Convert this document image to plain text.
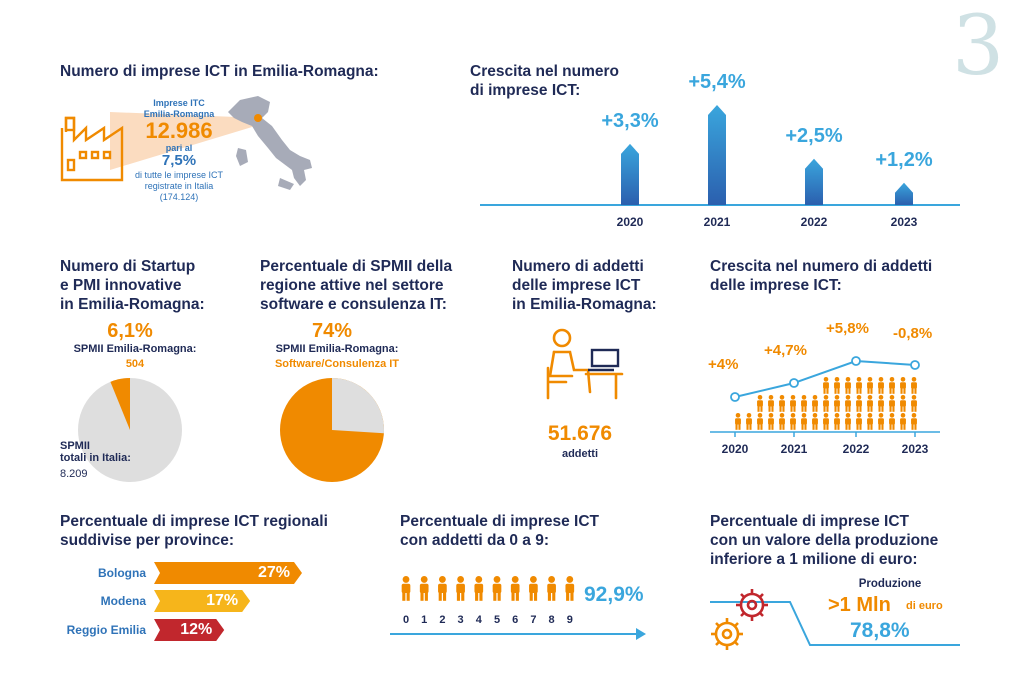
3
Numero di imprese ICT in Emilia-Romagna:
Imprese ITC
Emilia-Romagna
12.986
pari al
7,5%
di tutte le imprese ICT
registrate in Italia
(174.124)
Crescita nel numero
di imprese ICT:
Numero di Startup
e PMI innovative
in Emilia-Romagna:
6,1%
SPMII Emilia-Romagna:
504
SPMII
totali in Italia:
8.209
Percentuale di SPMII della
regione attive nel settore
software e consulenza IT:
74%
SPMII Emilia-Romagna:
Software/Consulenza IT
Numero di addetti
delle imprese ICT
in Emilia-Romagna:
51.676
addetti
Crescita nel numero di addetti
delle imprese ICT:
Percentuale di imprese ICT regionali
suddivise per province:
Percentuale di imprese ICT
con addetti da 0 a 9:
92,9%
Percentuale di imprese ICT
con un valore della produzione
inferiore a 1 milione di euro:
Produzione
>1 Mln di euro
78,8%
+3,3%
2020
+5,4%
2021
+2,5%
2022
+1,2%
2023
2020	2021	2022	2023
+4%
+4,7%
+5,8% -0,8%
Bologna	27%
Modena	17%
Reggio Emilia	12%
0	1	2	3	4	5	6	7	8	9
